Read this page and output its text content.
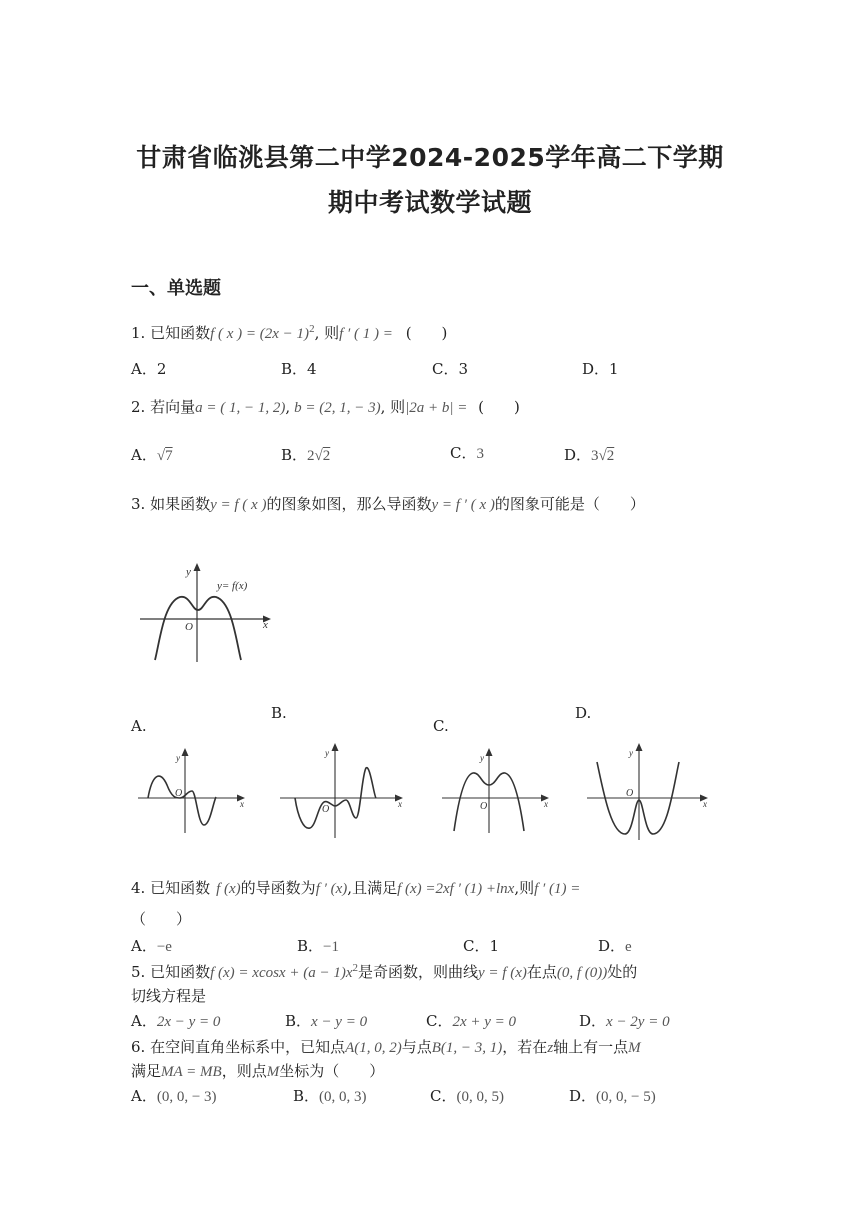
甘肃省临洮县第二中学2024-2025学年高二下学期
期中考试数学试题
一、单选题
1. 已知函数f ( x ) = $(2x - 1)^2$, 则f ′ ( 1 ) = (　　)
A．2	B．4	C．3	D．1
2. 若向量a = ( 1, − 1, 2), b = (2, 1, − 3), 则|2a + b| = (　　)
A．√7	B．2√2	C．3	D．3√2
3. 如果函数y = f ( x )的图象如图，那么导函数y = f ′ ( x )的图象可能是（　　）
x
y
O
y= f(x)
A.
B.
C.
D.
x
y
O
x
y
O	x
y
O	x
y
O
4. 已知函数 f (x)的导函数为f ′ (x),且满足f (x) =2xf ′ (1) +lnx,则f ′ (1) =
（　　）
A．−e	B．−1	C．1	D．e
5. 已知函数f $(x) = xcosx + (a - 1)x^2$是奇函数，则曲线y = f (x)在点(0, f (0))处的
切线方程是
A．2x − y = 0	B．x − y = 0	C．2x + y = 0	D．x − 2y = 0
6. 在空间直角坐标系中，已知点A(1, 0, 2)与点B(1, − 3, 1)，若在z轴上有一点M
满足MA = MB，则点M坐标为（　　）
A．(0, 0, − 3)	B．(0, 0, 3)	C．(0, 0, 5)	D．(0, 0, − 5)
